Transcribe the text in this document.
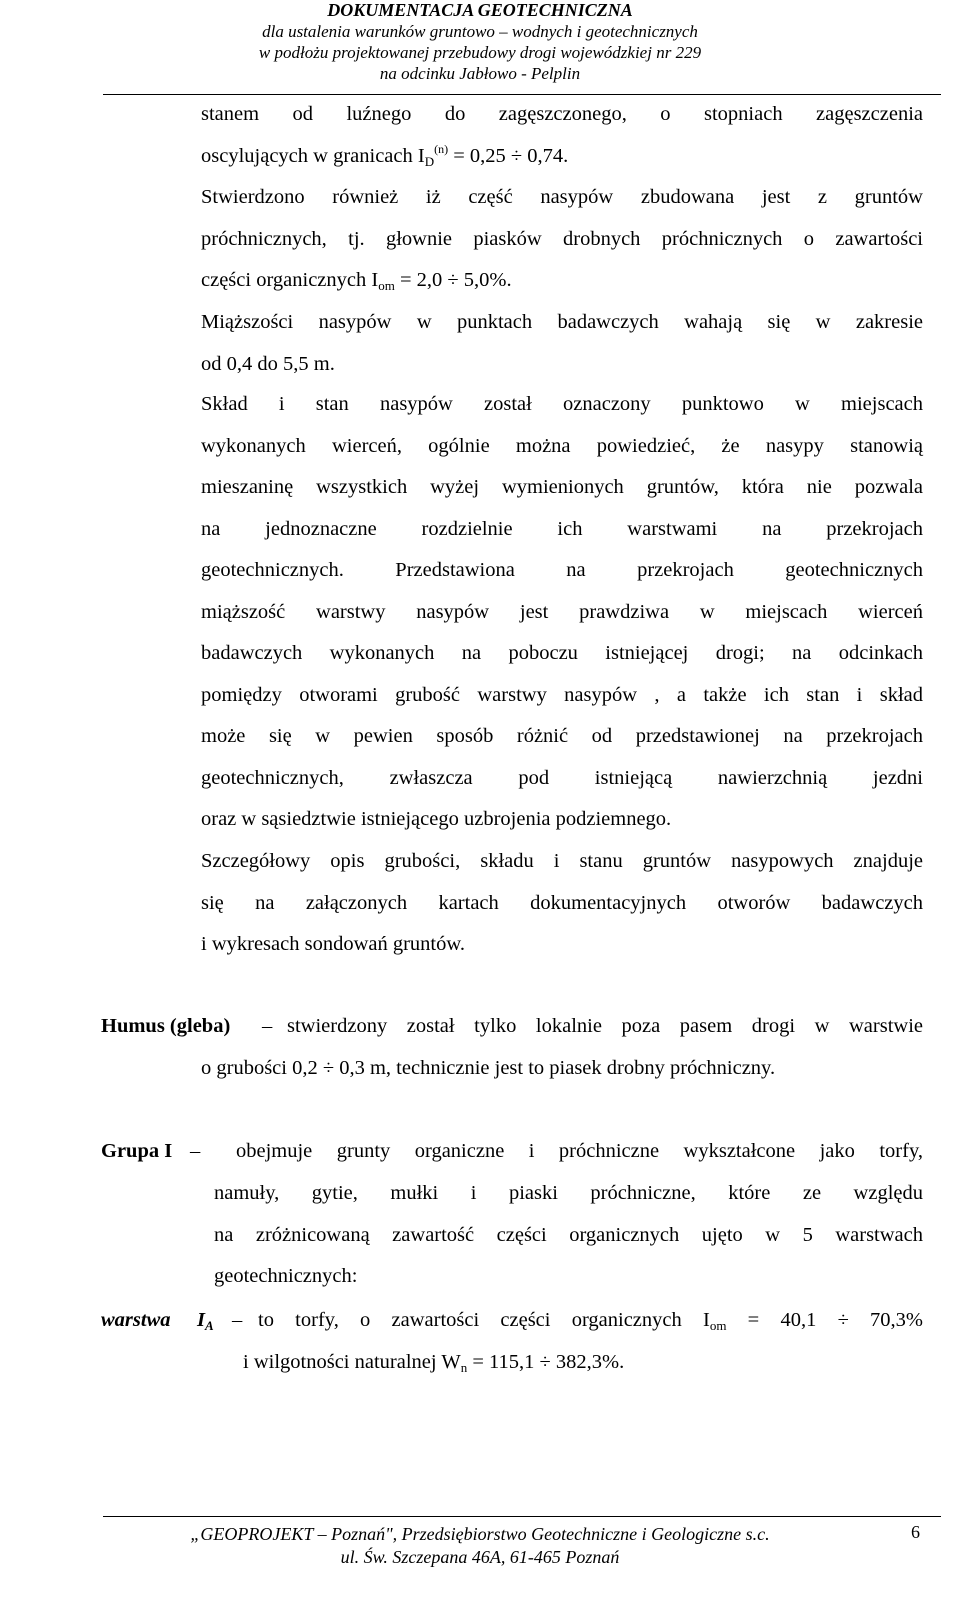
DOKUMENTACJA GEOTECHNICZNA
dla ustalenia warunków gruntowo – wodnych i geotechnicznych
w podłożu projektowanej przebudowy drogi wojewódzkiej nr 229
na odcinku Jabłowo - Pelplin
stanem od luźnego do zagęszczonego, o stopniach zagęszczenia
oscylujących w granicach $I_D^{(n)} = 0,25 \div 0,74$.
Stwierdzono również iż część nasypów zbudowana jest z gruntów
próchnicznych, tj. głownie piasków drobnych próchnicznych o zawartości
części organicznych $I_{om} = 2,0 \div 5,0\%$.
Miąższości nasypów w punktach badawczych wahają się w zakresie
od 0,4 do 5,5 m.
Skład i stan nasypów został oznaczony punktowo w miejscach
wykonanych wierceń, ogólnie można powiedzieć, że nasypy stanowią
mieszaninę wszystkich wyżej wymienionych gruntów, która nie pozwala
na jednoznaczne rozdzielnie ich warstwami na przekrojach
geotechnicznych. Przedstawiona na przekrojach geotechnicznych
miąższość warstwy nasypów jest prawdziwa w miejscach wierceń
badawczych wykonanych na poboczu istniejącej drogi; na odcinkach
pomiędzy otworami grubość warstwy nasypów , a także ich stan i skład
może się w pewien sposób różnić od przedstawionej na przekrojach
geotechnicznych, zwłaszcza pod istniejącą nawierzchnią jezdni
oraz w sąsiedztwie istniejącego uzbrojenia podziemnego.
Szczegółowy opis grubości, składu i stanu gruntów nasypowych znajduje
się na załączonych kartach dokumentacyjnych otworów badawczych
i wykresach sondowań gruntów.
Humus (gleba) – stwierdzony został tylko lokalnie poza pasem drogi w warstwie
o grubości 0,2 ÷ 0,3 m, technicznie jest to piasek drobny próchniczny.
Grupa I – obejmuje grunty organiczne i próchniczne wykształcone jako torfy,
namuły, gytie, mułki i piaski próchniczne, które ze względu
na zróżnicowaną zawartość części organicznych ujęto w 5 warstwach
geotechnicznych:
warstwa $I_A$ – to torfy, o zawartości części organicznych $I_{om} = 40,1 \div 70,3\%$
i wilgotności naturalnej $W_n = 115,1 \div 382,3\%$.
„GEOPROJEKT – Poznań", Przedsiębiorstwo Geotechniczne i Geologiczne s.c.
ul. Św. Szczepana 46A, 61-465 Poznań
6
